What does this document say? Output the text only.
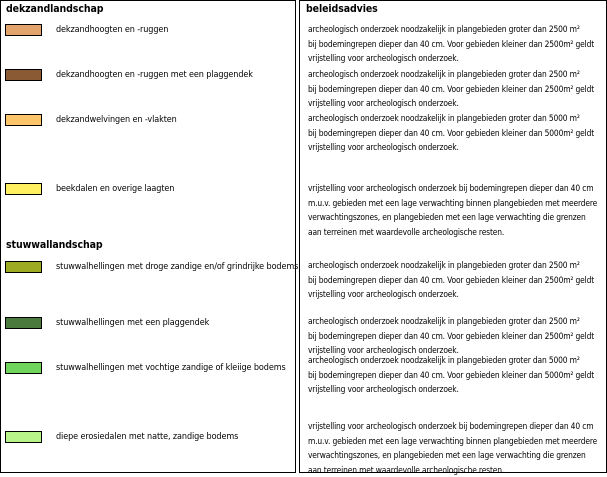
dekzandlandschap
dekzandhoogten en -ruggen
dekzandhoogten en -ruggen met een plaggendek
dekzandwelvingen en -vlakten
beekdalen en overige laagten
stuwwallandschap
stuwwalhellingen met droge zandige en/of grindrijke bodems
stuwwalhellingen met een plaggendek
stuwwalhellingen met vochtige zandige of kleiige bodems
diepe erosiedalen met natte, zandige bodems
beleidsadvies
archeologisch onderzoek noodzakelijk in plangebieden groter dan 2500 m²
bij bodemingrepen dieper dan 40 cm. Voor gebieden kleiner dan 2500m² geldt
vrijstelling voor archeologisch onderzoek.
archeologisch onderzoek noodzakelijk in plangebieden groter dan 2500 m²
bij bodemingrepen dieper dan 40 cm. Voor gebieden kleiner dan 2500m² geldt
vrijstelling voor archeologisch onderzoek.
archeologisch onderzoek noodzakelijk in plangebieden groter dan 5000 m²
bij bodemingrepen dieper dan 40 cm. Voor gebieden kleiner dan 5000m² geldt
vrijstelling voor archeologisch onderzoek.
vrijstelling voor archeologisch onderzoek bij bodemingrepen dieper dan 40 cm
m.u.v. gebieden met een lage verwachting binnen plangebieden met meerdere
verwachtingszones, en plangebieden met een lage verwachting die grenzen
aan terreinen met waardevolle archeologische resten.
archeologisch onderzoek noodzakelijk in plangebieden groter dan 2500 m²
bij bodemingrepen dieper dan 40 cm. Voor gebieden kleiner dan 2500m² geldt
vrijstelling voor archeologisch onderzoek.
archeologisch onderzoek noodzakelijk in plangebieden groter dan 2500 m²
bij bodemingrepen dieper dan 40 cm. Voor gebieden kleiner dan 2500m² geldt
vrijstelling voor archeologisch onderzoek.
archeologisch onderzoek noodzakelijk in plangebieden groter dan 5000 m²
bij bodemingrepen dieper dan 40 cm. Voor gebieden kleiner dan 5000m² geldt
vrijstelling voor archeologisch onderzoek.
vrijstelling voor archeologisch onderzoek bij bodemingrepen dieper dan 40 cm
m.u.v. gebieden met een lage verwachting binnen plangebieden met meerdere
verwachtingszones, en plangebieden met een lage verwachting die grenzen
aan terreinen met waardevolle archeologische resten.
